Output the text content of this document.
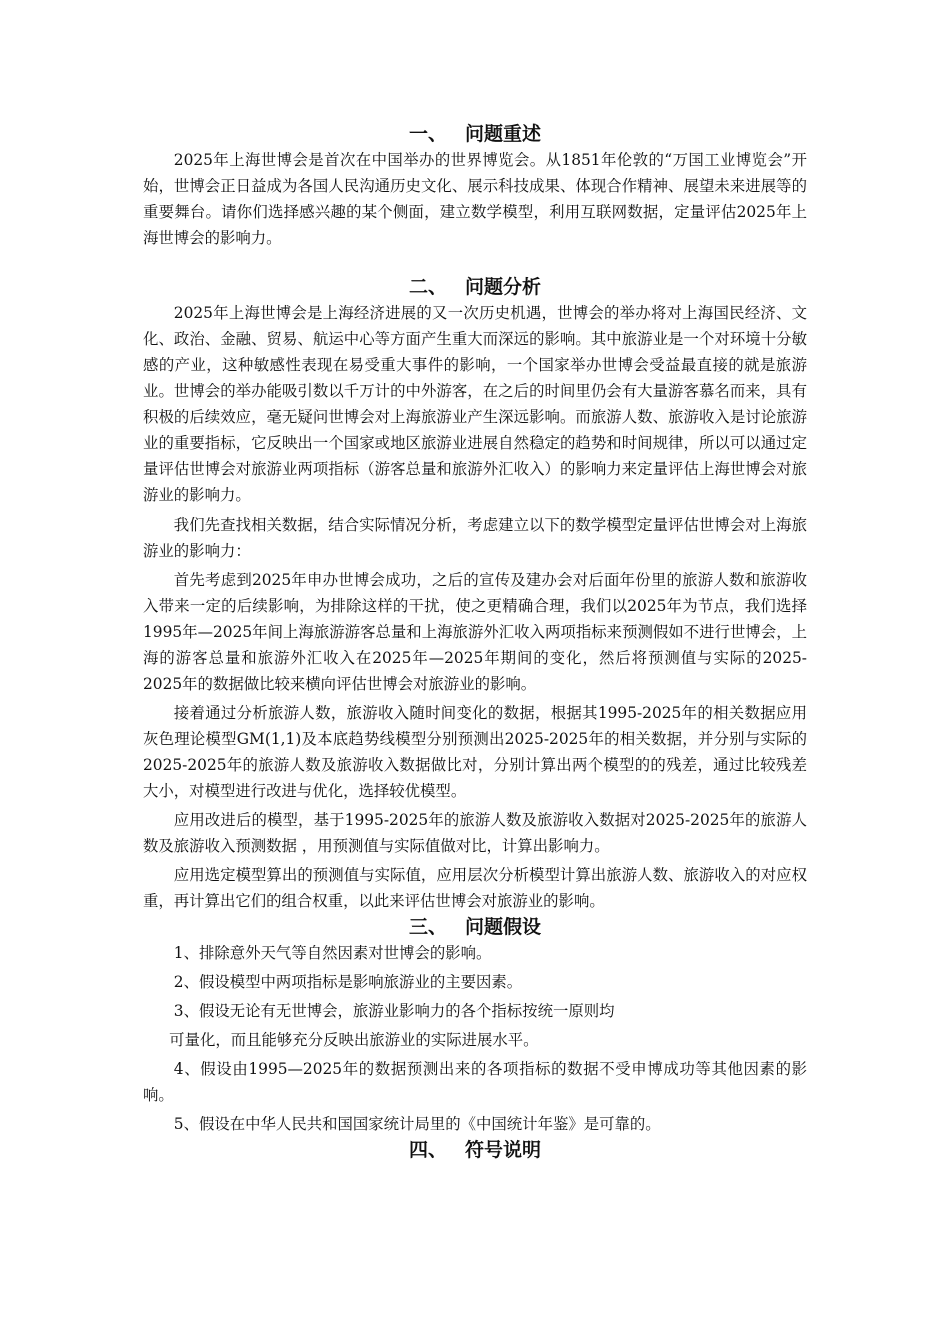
一、 问题重述

2025年上海世博会是首次在中国举办的世界博览会。从1851年伦敦的“万国工业博览会”开始，世博会正日益成为各国人民沟通历史文化、展示科技成果、体现合作精神、展望未来进展等的重要舞台。请你们选择感兴趣的某个侧面，建立数学模型，利用互联网数据，定量评估2025年上海世博会的影响力。

二、 问题分析

2025年上海世博会是上海经济进展的又一次历史机遇，世博会的举办将对上海国民经济、文化、政治、金融、贸易、航运中心等方面产生重大而深远的影响。其中旅游业是一个对环境十分敏感的产业，这种敏感性表现在易受重大事件的影响，一个国家举办世博会受益最直接的就是旅游业。世博会的举办能吸引数以千万计的中外游客，在之后的时间里仍会有大量游客慕名而来，具有积极的后续效应，毫无疑问世博会对上海旅游业产生深远影响。而旅游人数、旅游收入是讨论旅游业的重要指标，它反映出一个国家或地区旅游业进展自然稳定的趋势和时间规律，所以可以通过定量评估世博会对旅游业两项指标（游客总量和旅游外汇收入）的影响力来定量评估上海世博会对旅游业的影响力。

我们先查找相关数据，结合实际情况分析，考虑建立以下的数学模型定量评估世博会对上海旅游业的影响力：

首先考虑到2025年申办世博会成功，之后的宣传及建办会对后面年份里的旅游人数和旅游收入带来一定的后续影响，为排除这样的干扰，使之更精确合理，我们以2025年为节点，我们选择1995年—2025年间上海旅游游客总量和上海旅游外汇收入两项指标来预测假如不进行世博会，上海的游客总量和旅游外汇收入在2025年—2025年期间的变化，然后将预测值与实际的2025-2025年的数据做比较来横向评估世博会对旅游业的影响。

接着通过分析旅游人数，旅游收入随时间变化的数据，根据其1995-2025年的相关数据应用灰色理论模型GM(1,1)及本底趋势线模型分别预测出2025-2025年的相关数据，并分别与实际的2025-2025年的旅游人数及旅游收入数据做比对，分别计算出两个模型的的残差，通过比较残差大小，对模型进行改进与优化，选择较优模型。

应用改进后的模型，基于1995-2025年的旅游人数及旅游收入数据对2025-2025年的旅游人数及旅游收入预测数据 ，用预测值与实际值做对比，计算出影响力。

应用选定模型算出的预测值与实际值，应用层次分析模型计算出旅游人数、旅游收入的对应权重，再计算出它们的组合权重，以此来评估世博会对旅游业的影响。

三、 问题假设

1、排除意外天气等自然因素对世博会的影响。

2、假设模型中两项指标是影响旅游业的主要因素。

3、假设无论有无世博会，旅游业影响力的各个指标按统一原则均

可量化，而且能够充分反映出旅游业的实际进展水平。

4、假设由1995—2025年的数据预测出来的各项指标的数据不受申博成功等其他因素的影响。

5、假设在中华人民共和国国家统计局里的《中国统计年鉴》是可靠的。

四、 符号说明
